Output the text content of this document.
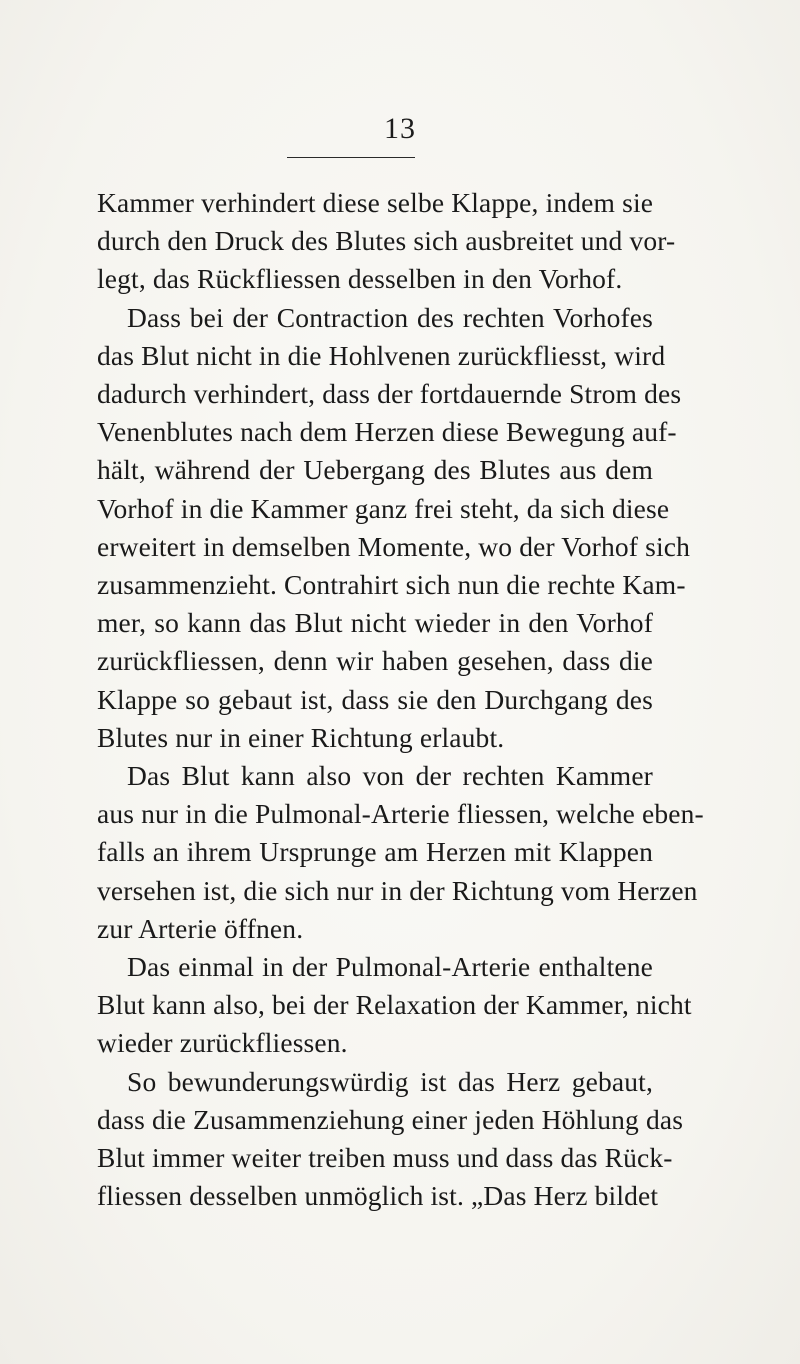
13
Kammer verhindert diese selbe Klappe, indem sie
durch den Druck des Blutes sich ausbreitet und vor-
legt, das Rückfliessen desselben in den Vorhof.
Dass bei der Contraction des rechten Vorhofes
das Blut nicht in die Hohlvenen zurückfliesst, wird
dadurch verhindert, dass der fortdauernde Strom des
Venenblutes nach dem Herzen diese Bewegung auf-
hält, während der Uebergang des Blutes aus dem
Vorhof in die Kammer ganz frei steht, da sich diese
erweitert in demselben Momente, wo der Vorhof sich
zusammenzieht. Contrahirt sich nun die rechte Kam-
mer, so kann das Blut nicht wieder in den Vorhof
zurückfliessen, denn wir haben gesehen, dass die
Klappe so gebaut ist, dass sie den Durchgang des
Blutes nur in einer Richtung erlaubt.
Das Blut kann also von der rechten Kammer
aus nur in die Pulmonal-Arterie fliessen, welche eben-
falls an ihrem Ursprunge am Herzen mit Klappen
versehen ist, die sich nur in der Richtung vom Herzen
zur Arterie öffnen.
Das einmal in der Pulmonal-Arterie enthaltene
Blut kann also, bei der Relaxation der Kammer, nicht
wieder zurückfliessen.
So bewunderungswürdig ist das Herz gebaut,
dass die Zusammenziehung einer jeden Höhlung das
Blut immer weiter treiben muss und dass das Rück-
fliessen desselben unmöglich ist. „Das Herz bildet
